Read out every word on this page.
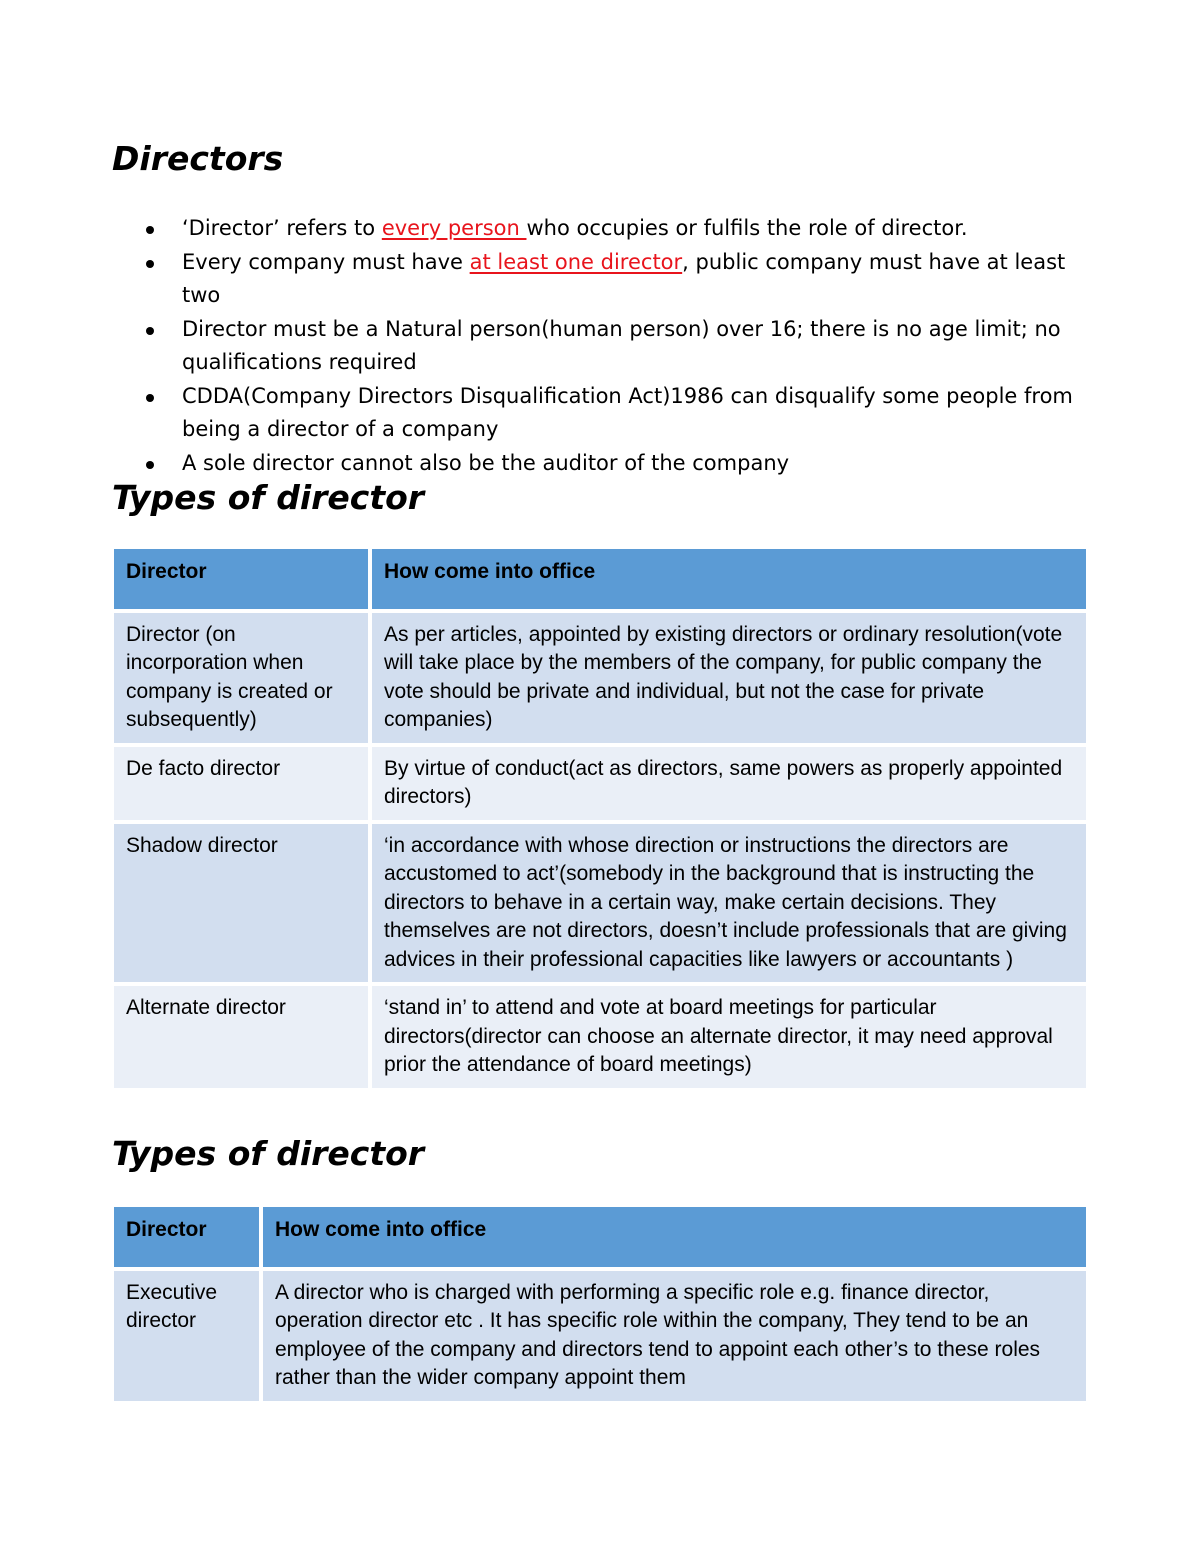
Directors
‘Director’ refers to every person who occupies or fulfils the role of director.
Every company must have at least one director, public company must have at least two
Director must be a Natural person(human person) over 16; there is no age limit; no qualifications required
CDDA(Company Directors Disqualification Act)1986 can disqualify some people from being a director of a company
A sole director cannot also be the auditor of the company
Types of director
Director	How come into office
Director (on incorporation when company is created or subsequently)	As per articles, appointed by existing directors or ordinary resolution(vote will take place by the members of the company, for public company the vote should be private and individual, but not the case for private companies)
De facto director	By virtue of conduct(act as directors, same powers as properly appointed directors)
Shadow director	‘in accordance with whose direction or instructions the directors are accustomed to act’(somebody in the background that is instructing the directors to behave in a certain way, make certain decisions. They themselves are not directors, doesn’t include professionals that are giving advices in their professional capacities like lawyers or accountants )
Alternate director	‘stand in’ to attend and vote at board meetings for particular directors(director can choose an alternate director, it may need approval prior the attendance of board meetings)
Types of director
Director	How come into office
Executive director	A director who is charged with performing a specific role e.g. finance director, operation director etc . It has specific role within the company, They tend to be an employee of the company and directors tend to appoint each other’s to these roles rather than the wider company appoint them
